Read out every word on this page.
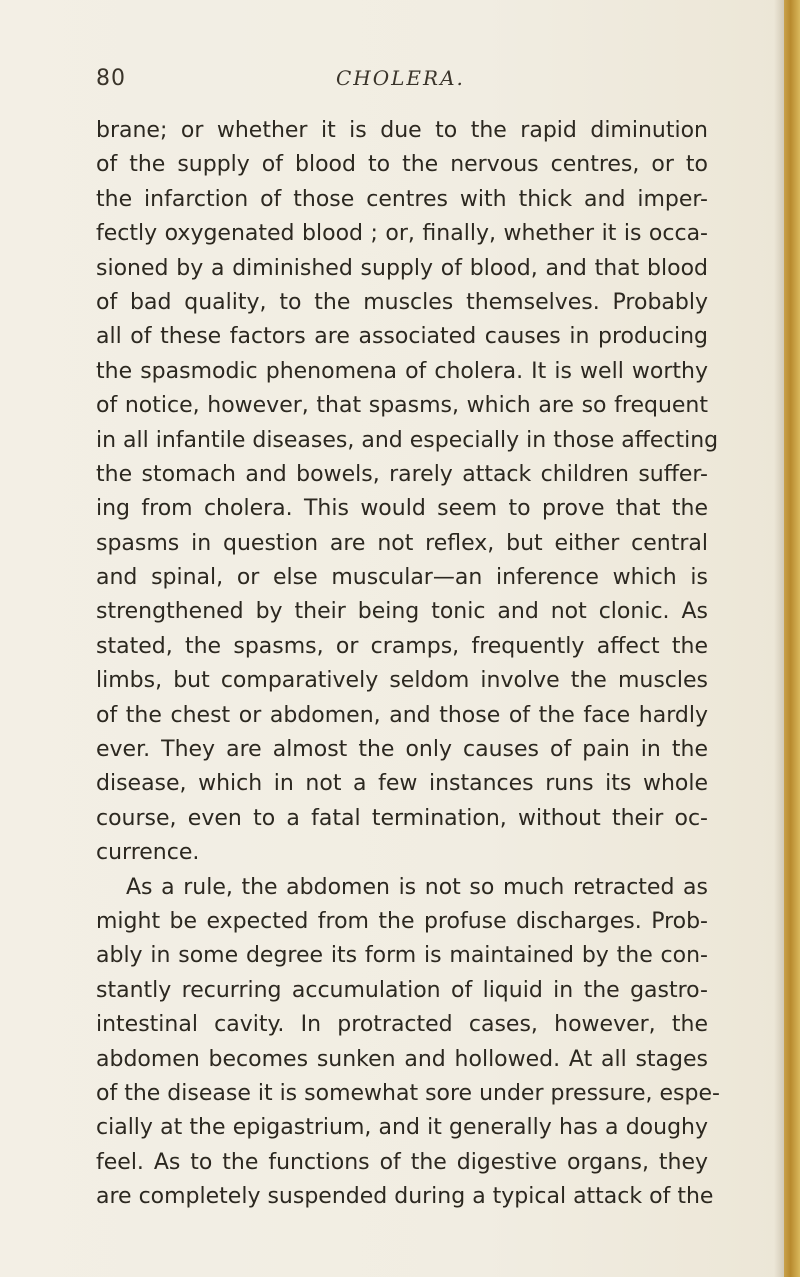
80	CHOLERA.
brane; or whether it is due to the rapid diminution
of the supply of blood to the nervous centres, or to
the infarction of those centres with thick and imper-
fectly oxygenated blood ; or, finally, whether it is occa-
sioned by a diminished supply of blood, and that blood
of bad quality, to the muscles themselves. Probably
all of these factors are associated causes in producing
the spasmodic phenomena of cholera. It is well worthy
of notice, however, that spasms, which are so frequent
in all infantile diseases, and especially in those affecting
the stomach and bowels, rarely attack children suffer-
ing from cholera. This would seem to prove that the
spasms in question are not reflex, but either central
and spinal, or else muscular—an inference which is
strengthened by their being tonic and not clonic. As
stated, the spasms, or cramps, frequently affect the
limbs, but comparatively seldom involve the muscles
of the chest or abdomen, and those of the face hardly
ever. They are almost the only causes of pain in the
disease, which in not a few instances runs its whole
course, even to a fatal termination, without their oc-
currence.
As a rule, the abdomen is not so much retracted as
might be expected from the profuse discharges. Prob-
ably in some degree its form is maintained by the con-
stantly recurring accumulation of liquid in the gastro-
intestinal cavity. In protracted cases, however, the
abdomen becomes sunken and hollowed. At all stages
of the disease it is somewhat sore under pressure, espe-
cially at the epigastrium, and it generally has a doughy
feel. As to the functions of the digestive organs, they
are completely suspended during a typical attack of the
